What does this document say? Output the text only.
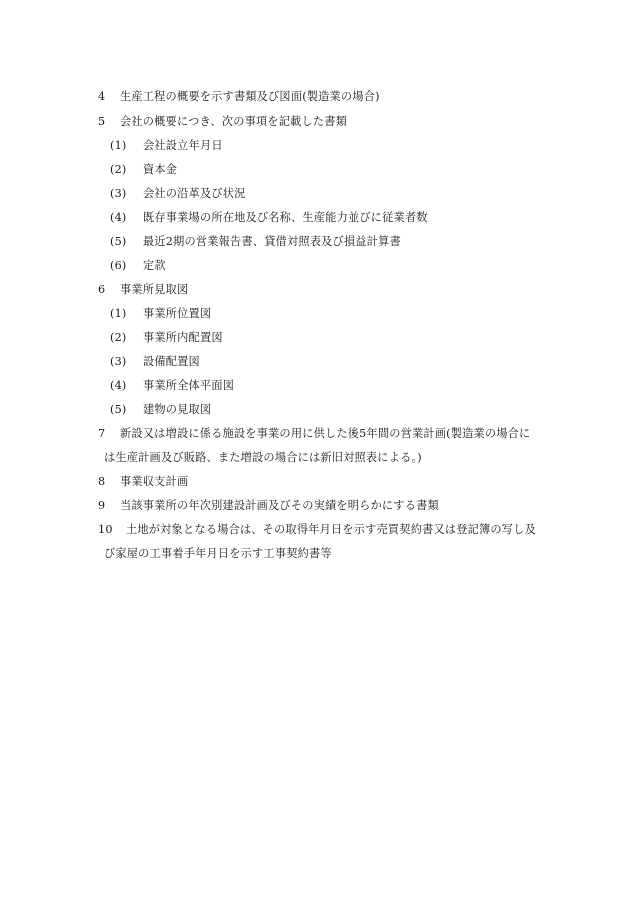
4 生産工程の概要を示す書類及び図面(製造業の場合)
5 会社の概要につき、次の事項を記載した書類
(1) 会社設立年月日
(2) 資本金
(3) 会社の沿革及び状況
(4) 既存事業場の所在地及び名称、生産能力並びに従業者数
(5) 最近2期の営業報告書、貸借対照表及び損益計算書
(6) 定款
6 事業所見取図
(1) 事業所位置図
(2) 事業所内配置図
(3) 設備配置図
(4) 事業所全体平面図
(5) 建物の見取図
7 新設又は増設に係る施設を事業の用に供した後5年間の営業計画(製造業の場合に
は生産計画及び販路、また増設の場合には新旧対照表による。)
8 事業収支計画
9 当該事業所の年次別建設計画及びその実績を明らかにする書類
10 土地が対象となる場合は、その取得年月日を示す売買契約書又は登記簿の写し及
び家屋の工事着手年月日を示す工事契約書等
